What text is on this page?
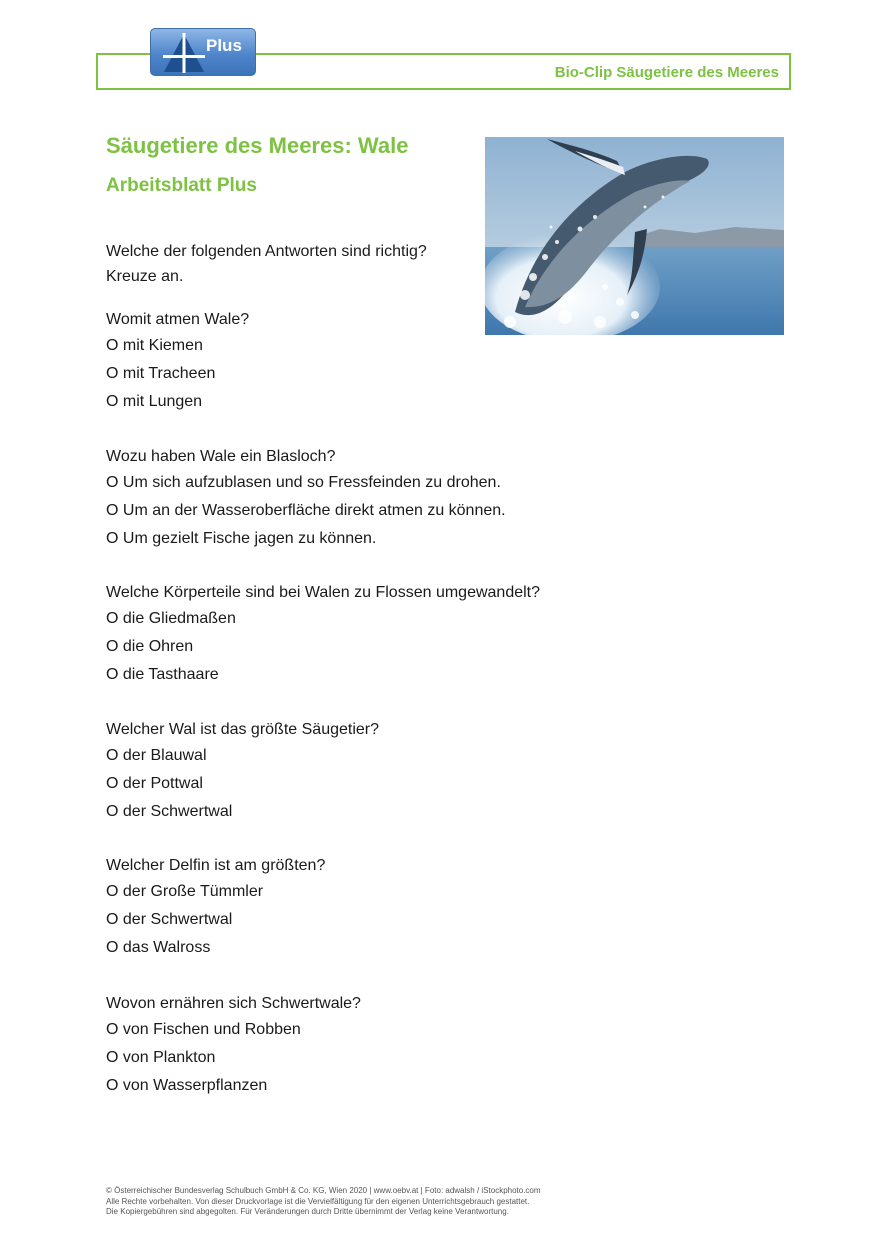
Bio-Clip Säugetiere des Meeres
Plus
Säugetiere des Meeres: Wale
Arbeitsblatt Plus
Welche der folgenden Antworten sind richtig?
Kreuze an.
Womit atmen Wale?
O mit Kiemen
O mit Tracheen
O mit Lungen
Wozu haben Wale ein Blasloch?
O Um sich aufzublasen und so Fressfeinden zu drohen.
O Um an der Wasseroberfläche direkt atmen zu können.
O Um gezielt Fische jagen zu können.
Welche Körperteile sind bei Walen zu Flossen umgewandelt?
O die Gliedmaßen
O die Ohren
O die Tasthaare
Welcher Wal ist das größte Säugetier?
O der Blauwal
O der Pottwal
O der Schwertwal
Welcher Delfin ist am größten?
O der Große Tümmler
O der Schwertwal
O das Walross
Wovon ernähren sich Schwertwale?
O von Fischen und Robben
O von Plankton
O von Wasserpflanzen
© Österreichischer Bundesverlag Schulbuch GmbH & Co. KG, Wien 2020 | www.oebv.at | Foto: adwalsh / iStockphoto.com
Alle Rechte vorbehalten. Von dieser Druckvorlage ist die Vervielfältigung für den eigenen Unterrichtsgebrauch gestattet.
Die Kopiergebühren sind abgegolten. Für Veränderungen durch Dritte übernimmt der Verlag keine Verantwortung.
